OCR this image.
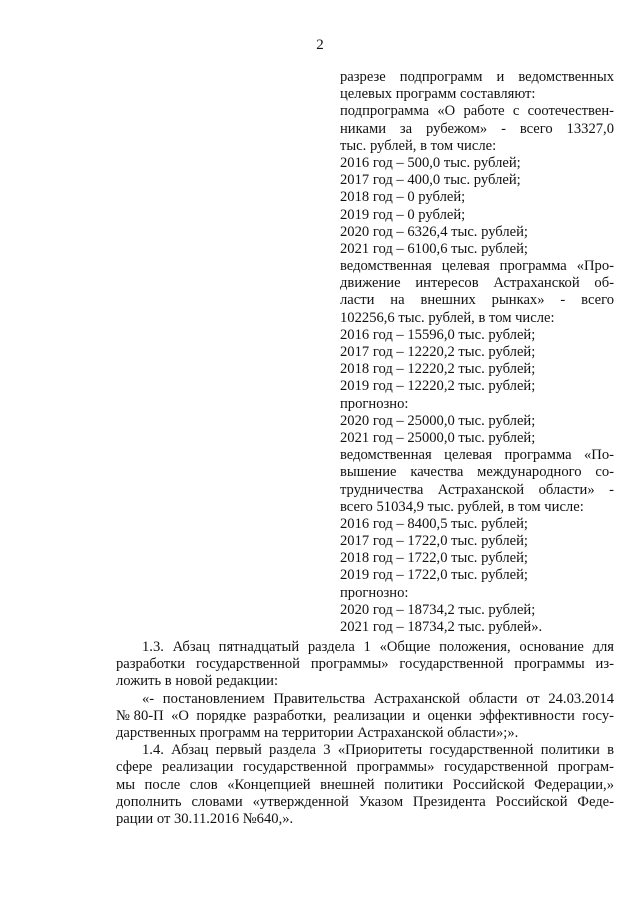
2
разрезе подпрограмм и ведомственных
целевых программ составляют:
подпрограмма «О работе с соотечествен-
никами за рубежом» - всего 13327,0
тыс. рублей, в том числе:
2016 год – 500,0 тыс. рублей;
2017 год – 400,0 тыс. рублей;
2018 год – 0 рублей;
2019 год – 0 рублей;
2020 год – 6326,4 тыс. рублей;
2021 год – 6100,6 тыс. рублей;
ведомственная целевая программа «Про-
движение интересов Астраханской об-
ласти на внешних рынках» - всего
102256,6 тыс. рублей, в том числе:
2016 год – 15596,0 тыс. рублей;
2017 год – 12220,2 тыс. рублей;
2018 год – 12220,2 тыс. рублей;
2019 год – 12220,2 тыс. рублей;
прогнозно:
2020 год – 25000,0 тыс. рублей;
2021 год – 25000,0 тыс. рублей;
ведомственная целевая программа «По-
вышение качества международного со-
трудничества Астраханской области» -
всего 51034,9 тыс. рублей, в том числе:
2016 год – 8400,5 тыс. рублей;
2017 год – 1722,0 тыс. рублей;
2018 год – 1722,0 тыс. рублей;
2019 год – 1722,0 тыс. рублей;
прогнозно:
2020 год – 18734,2 тыс. рублей;
2021 год – 18734,2 тыс. рублей».
1.3. Абзац пятнадцатый раздела 1 «Общие положения, основание для
разработки государственной программы» государственной программы из-
ложить в новой редакции:
«- постановлением Правительства Астраханской области от 24.03.2014
№80-П «О порядке разработки, реализации и оценки эффективности госу-
дарственных программ на территории Астраханской области»;».
1.4. Абзац первый раздела 3 «Приоритеты государственной политики в
сфере реализации государственной программы» государственной програм-
мы после слов «Концепцией внешней политики Российской Федерации,»
дополнить словами «утвержденной Указом Президента Российской Феде-
рации от 30.11.2016 №640,».
